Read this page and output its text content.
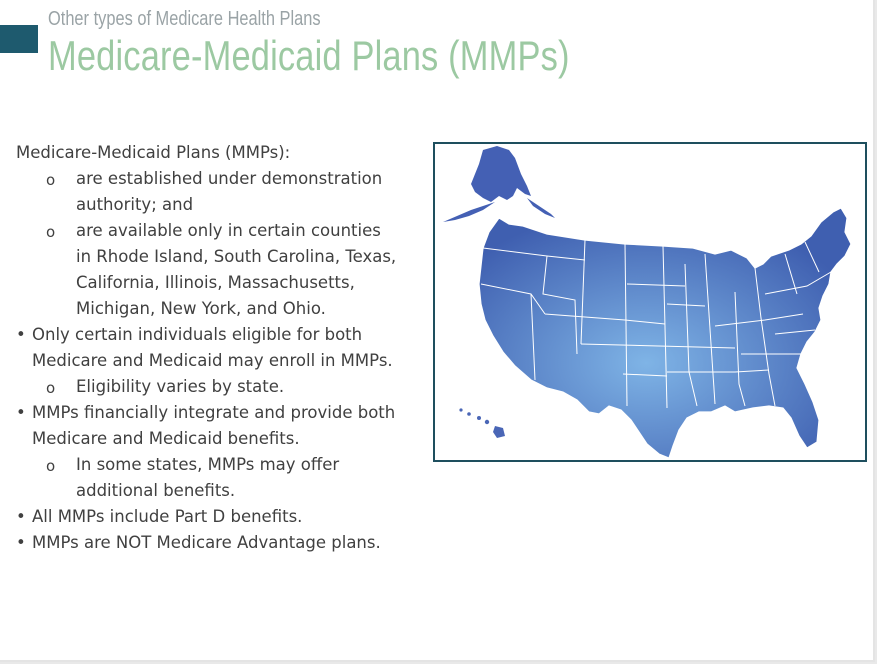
Other types of Medicare Health Plans
Medicare-Medicaid Plans (MMPs)
Medicare-Medicaid Plans (MMPs):
o are established under demonstration
authority; and
o are available only in certain counties
in Rhode Island, South Carolina, Texas,
California, Illinois, Massachusetts,
Michigan, New York, and Ohio.
• Only certain individuals eligible for both
Medicare and Medicaid may enroll in MMPs.
o Eligibility varies by state.
• MMPs financially integrate and provide both
Medicare and Medicaid benefits.
o In some states, MMPs may offer
additional benefits.
• All MMPs include Part D benefits.
• MMPs are NOT Medicare Advantage plans.
